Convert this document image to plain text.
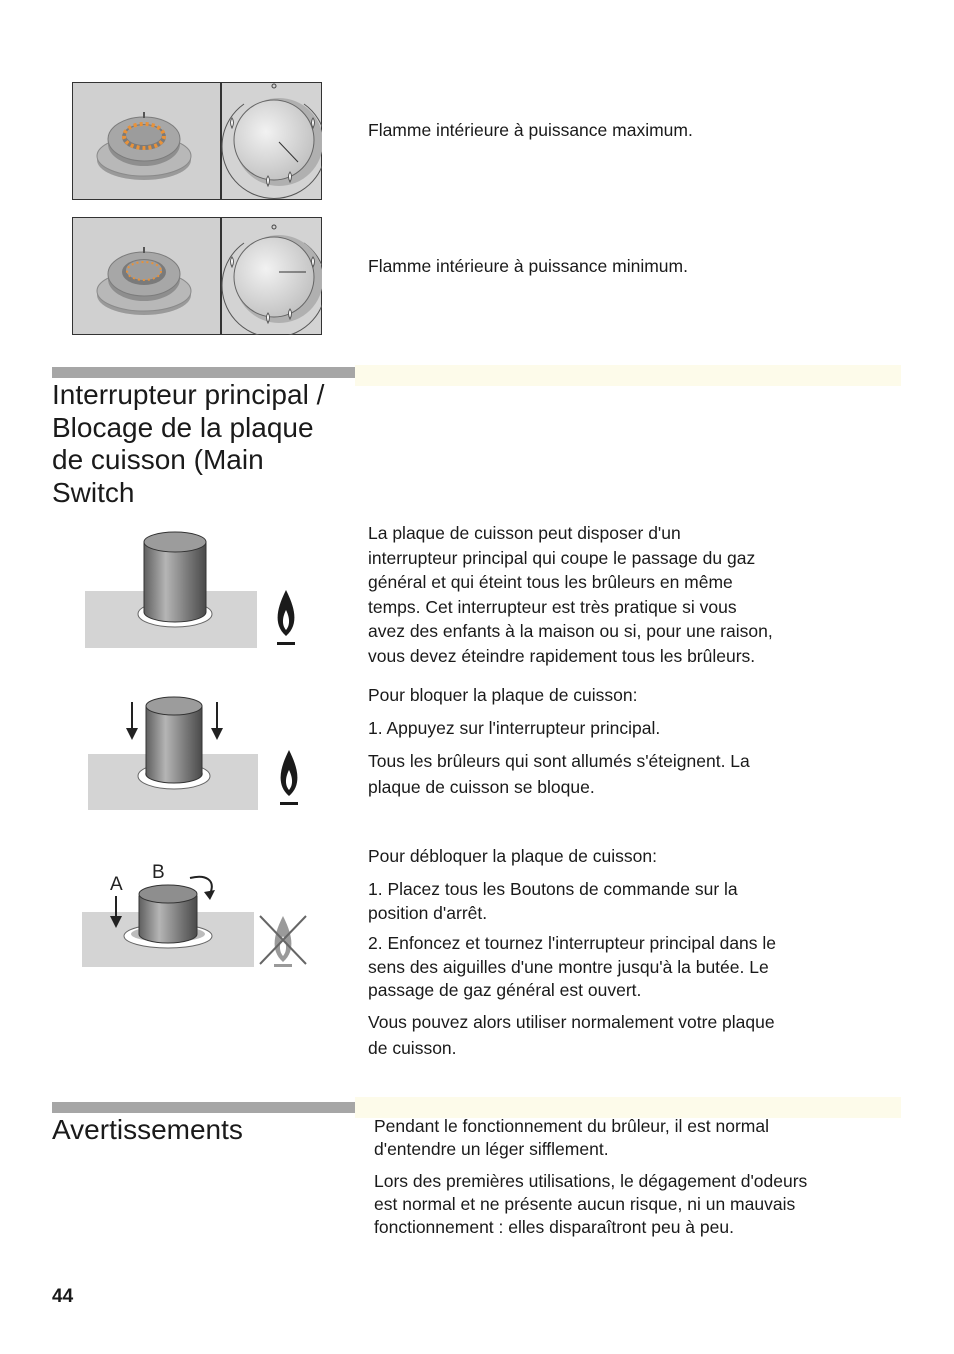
Flamme intérieure à puissance maximum.
Flamme intérieure à puissance minimum.
Interrupteur principal /
Blocage de la plaque
de cuisson (Main
Switch
A
B

La plaque de cuisson peut disposer d'un

interrupteur principal qui coupe le passage du gaz

général et qui éteint tous les brûleurs en même

temps. Cet interrupteur est très pratique si vous

avez des enfants à la maison ou si, pour une raison,

vous devez éteindre rapidement tous les brûleurs.

Pour bloquer la plaque de cuisson:
1. Appuyez sur l'interrupteur principal.

Tous les brûleurs qui sont allumés s'éteignent. La

plaque de cuisson se bloque.

Pour débloquer la plaque de cuisson:

1. Placez tous les Boutons de commande sur la

position d'arrêt.

2. Enfoncez et tournez l'interrupteur principal dans le

sens des aiguilles d'une montre jusqu'à la butée. Le

passage de gaz général est ouvert.

Vous pouvez alors utiliser normalement votre plaque

de cuisson.

Avertissements	Pendant le fonctionnement du brûleur, il est normal

d'entendre un léger sifflement.

Lors des premières utilisations, le dégagement d'odeurs

est normal et ne présente aucun risque, ni un mauvais

fonctionnement : elles disparaîtront peu à peu.

44
